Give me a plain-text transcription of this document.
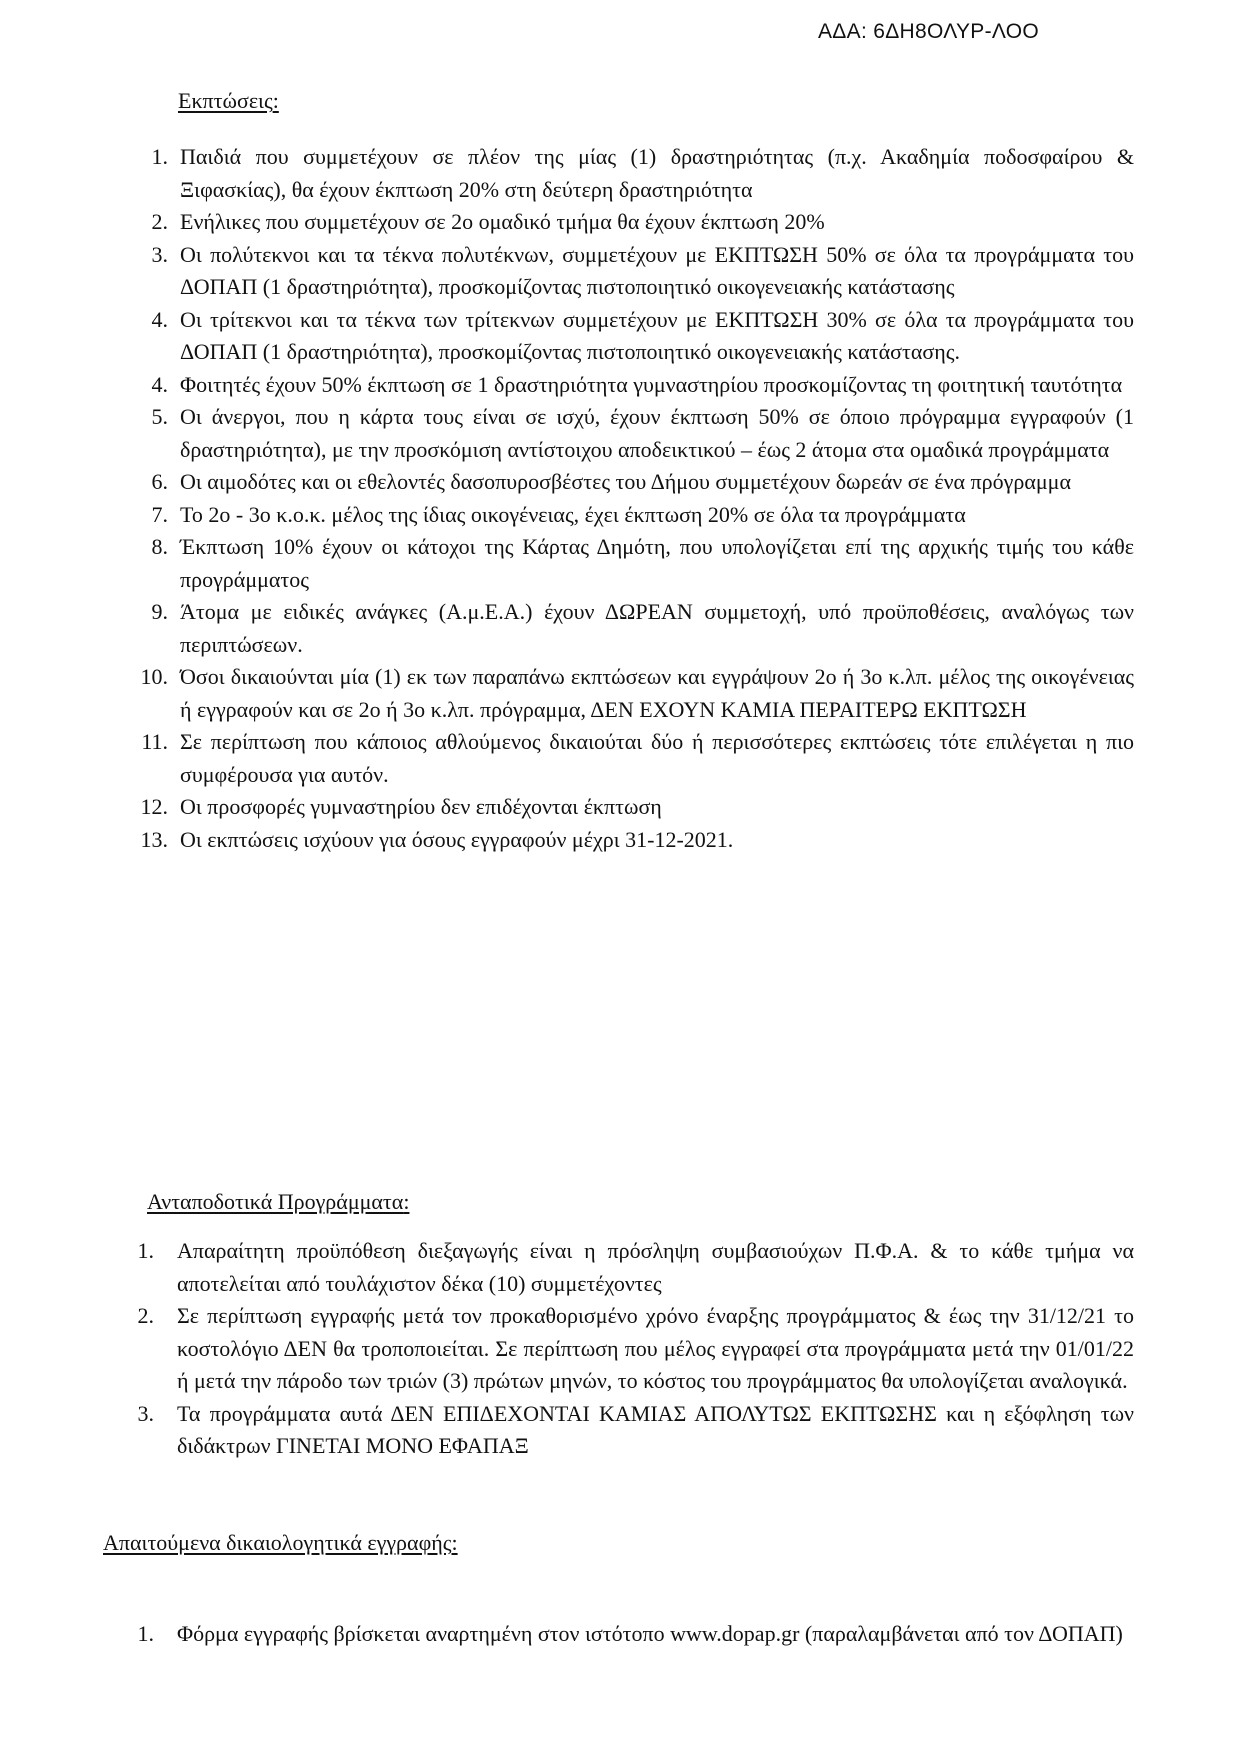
ΑΔΑ: 6ΔΗ8ΟΛΥΡ-ΛΟΟ
Εκπτώσεις:
1. Παιδιά που συμμετέχουν σε πλέον της μίας (1) δραστηριότητας (π.χ. Ακαδημία ποδοσφαίρου & Ξιφασκίας), θα έχουν έκπτωση 20% στη δεύτερη δραστηριότητα
2. Ενήλικες που συμμετέχουν σε 2ο ομαδικό τμήμα θα έχουν έκπτωση 20%
3. Οι πολύτεκνοι και τα τέκνα πολυτέκνων, συμμετέχουν με ΕΚΠΤΩΣΗ 50% σε όλα τα προγράμματα του ΔΟΠΑΠ (1 δραστηριότητα), προσκομίζοντας πιστοποιητικό οικογενειακής κατάστασης
4. Οι τρίτεκνοι και τα τέκνα των τρίτεκνων συμμετέχουν με ΕΚΠΤΩΣΗ 30% σε όλα τα προγράμματα του ΔΟΠΑΠ (1 δραστηριότητα), προσκομίζοντας πιστοποιητικό οικογενειακής κατάστασης.
4. Φοιτητές έχουν 50% έκπτωση σε 1 δραστηριότητα γυμναστηρίου προσκομίζοντας τη φοιτητική ταυτότητα
5. Οι άνεργοι, που η κάρτα τους είναι σε ισχύ, έχουν έκπτωση 50% σε όποιο πρόγραμμα εγγραφούν (1 δραστηριότητα), με την προσκόμιση αντίστοιχου αποδεικτικού – έως 2 άτομα στα ομαδικά προγράμματα
6. Οι αιμοδότες και οι εθελοντές δασοπυροσβέστες του Δήμου συμμετέχουν δωρεάν σε ένα πρόγραμμα
7. Το 2ο - 3ο κ.ο.κ. μέλος της ίδιας οικογένειας, έχει έκπτωση 20% σε όλα τα προγράμματα
8. Έκπτωση 10% έχουν οι κάτοχοι της Κάρτας Δημότη, που υπολογίζεται επί της αρχικής τιμής του κάθε προγράμματος
9. Άτομα με ειδικές ανάγκες (Α.μ.Ε.Α.) έχουν ΔΩΡΕΑΝ συμμετοχή, υπό προϋποθέσεις, αναλόγως των περιπτώσεων.
10. Όσοι δικαιούνται μία (1) εκ των παραπάνω εκπτώσεων και εγγράψουν 2ο ή 3ο κ.λπ. μέλος της οικογένειας ή εγγραφούν και σε 2ο ή 3ο κ.λπ. πρόγραμμα, ΔΕΝ ΕΧΟΥΝ ΚΑΜΙΑ ΠΕΡΑΙΤΕΡΩ ΕΚΠΤΩΣΗ
11. Σε περίπτωση που κάποιος αθλούμενος δικαιούται δύο ή περισσότερες εκπτώσεις τότε επιλέγεται η πιο συμφέρουσα για αυτόν.
12. Οι προσφορές γυμναστηρίου δεν επιδέχονται έκπτωση
13. Οι εκπτώσεις ισχύουν για όσους εγγραφούν μέχρι 31-12-2021.
Ανταποδοτικά Προγράμματα:
1. Απαραίτητη προϋπόθεση διεξαγωγής είναι η πρόσληψη συμβασιούχων Π.Φ.Α. & το κάθε τμήμα να αποτελείται από τουλάχιστον δέκα (10) συμμετέχοντες
2. Σε περίπτωση εγγραφής μετά τον προκαθορισμένο χρόνο έναρξης προγράμματος & έως την 31/12/21 το κοστολόγιο ΔΕΝ θα τροποποιείται. Σε περίπτωση που μέλος εγγραφεί στα προγράμματα μετά την 01/01/22 ή μετά την πάροδο των τριών (3) πρώτων μηνών, το κόστος του προγράμματος θα υπολογίζεται αναλογικά.
3. Τα προγράμματα αυτά ΔΕΝ ΕΠΙΔΕΧΟΝΤΑΙ ΚΑΜΙΑΣ ΑΠΟΛΥΤΩΣ ΕΚΠΤΩΣΗΣ και η εξόφληση των διδάκτρων ΓΙΝΕΤΑΙ ΜΟΝΟ ΕΦΑΠΑΞ
Απαιτούμενα δικαιολογητικά εγγραφής:
1. Φόρμα εγγραφής βρίσκεται αναρτημένη στον ιστότοπο www.dopap.gr (παραλαμβάνεται από τον ΔΟΠΑΠ)
